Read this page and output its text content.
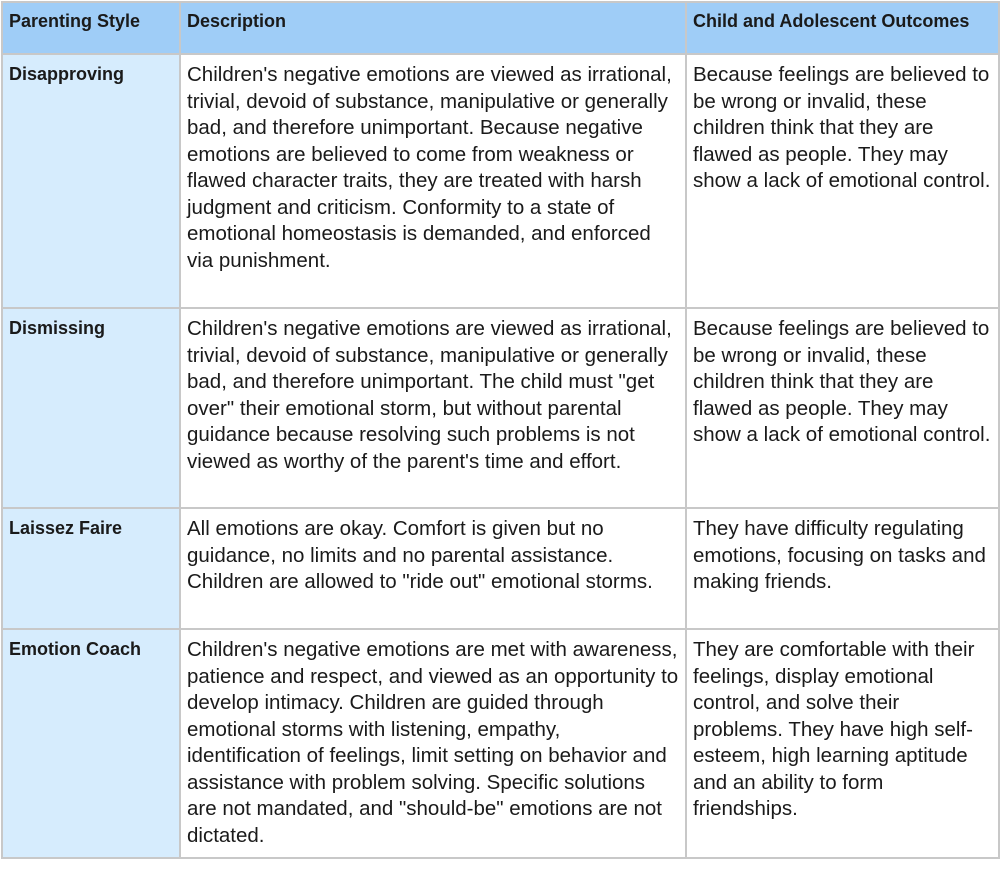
Parenting Style	Description	Child and Adolescent Outcomes
Disapproving	Children's negative emotions are viewed as irrational, trivial, devoid of substance, manipulative or generally bad, and therefore unimportant. Because negative emotions are believed to come from weakness or flawed character traits, they are treated with harsh judgment and criticism. Conformity to a state of emotional homeostasis is demanded, and enforced via punishment.	Because feelings are believed to be wrong or invalid, these children think that they are flawed as people. They may show a lack of emotional control.
Dismissing	Children's negative emotions are viewed as irrational, trivial, devoid of substance, manipulative or generally bad, and therefore unimportant. The child must "get over" their emotional storm, but without parental guidance because resolving such problems is not viewed as worthy of the parent's time and effort.	Because feelings are believed to be wrong or invalid, these children think that they are flawed as people. They may show a lack of emotional control.
Laissez Faire	All emotions are okay. Comfort is given but no guidance, no limits and no parental assistance. Children are allowed to "ride out" emotional storms.	They have difficulty regulating emotions, focusing on tasks and making friends.
Emotion Coach	Children's negative emotions are met with awareness, patience and respect, and viewed as an opportunity to develop intimacy. Children are guided through emotional storms with listening, empathy, identification of feelings, limit setting on behavior and assistance with problem solving. Specific solutions are not mandated, and "should-be" emotions are not dictated.	They are comfortable with their feelings, display emotional control, and solve their problems. They have high self-esteem, high learning aptitude and an ability to form friendships.
